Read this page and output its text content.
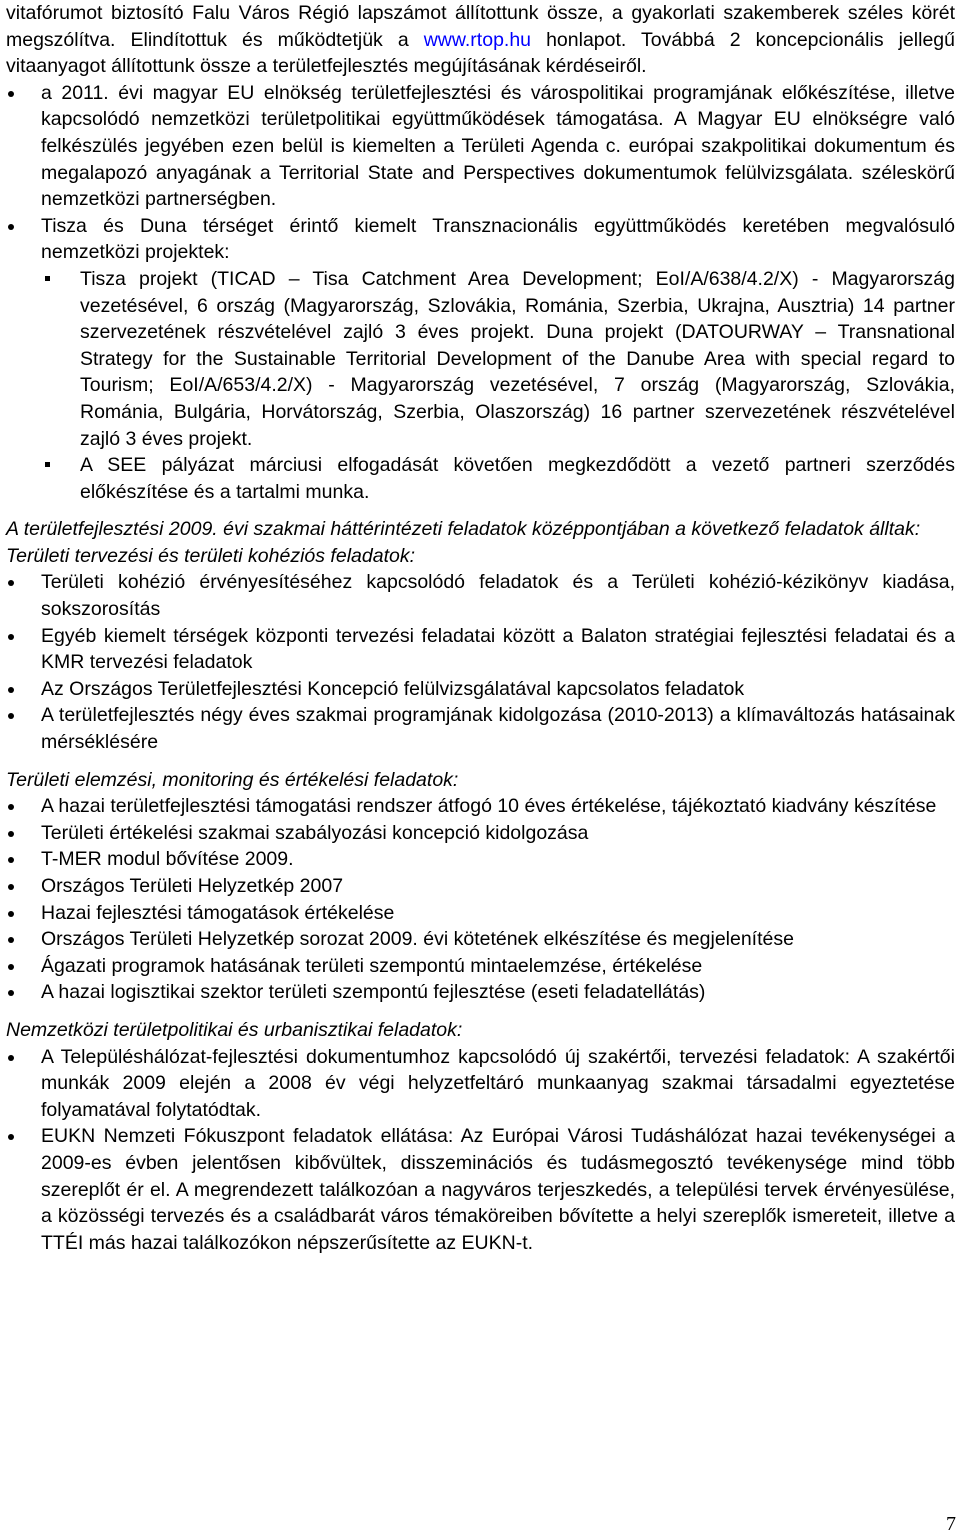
vitafórumot biztosító Falu Város Régió lapszámot állítottunk össze, a gyakorlati szakemberek széles körét megszólítva. Elindítottuk és működtetjük a www.rtop.hu honlapot. Továbbá 2 koncepcionális jellegű vitaanyagot állítottunk össze a területfejlesztés megújításának kérdéseiről.

a 2011. évi magyar EU elnökség területfejlesztési és várospolitikai programjának előkészítése, illetve kapcsolódó nemzetközi területpolitikai együttműködések támogatása. A Magyar EU elnökségre való felkészülés jegyében ezen belül is kiemelten a Területi Agenda c. európai szakpolitikai dokumentum és megalapozó anyagának a Territorial State and Perspectives dokumentumok felülvizsgálata. széleskörű nemzetközi partnerségben.
Tisza és Duna térséget érintő kiemelt Transznacionális együttműködés keretében megvalósuló nemzetközi projektek:
Tisza projekt (TICAD – Tisa Catchment Area Development; EoI/A/638/4.2/X) - Magyarország vezetésével, 6 ország (Magyarország, Szlovákia, Románia, Szerbia, Ukrajna, Ausztria) 14 partner szervezetének részvételével zajló 3 éves projekt. Duna projekt (DATOURWAY – Transnational Strategy for the Sustainable Territorial Development of the Danube Area with special regard to Tourism; EoI/A/653/4.2/X) - Magyarország vezetésével, 7 ország (Magyarország, Szlovákia, Románia, Bulgária, Horvátország, Szerbia, Olaszország) 16 partner szervezetének részvételével zajló 3 éves projekt.
A SEE pályázat márciusi elfogadását követően megkezdődött a vezető partneri szerződés előkészítése és a tartalmi munka.

A területfejlesztési 2009. évi szakmai háttérintézeti feladatok középpontjában a következő feladatok álltak:

Területi tervezési és területi kohéziós feladatok:

Területi kohézió érvényesítéséhez kapcsolódó feladatok és a Területi kohézió-kézikönyv kiadása, sokszorosítás
Egyéb kiemelt térségek központi tervezési feladatai között a Balaton stratégiai fejlesztési feladatai és a KMR tervezési feladatok
Az Országos Területfejlesztési Koncepció felülvizsgálatával kapcsolatos feladatok
A területfejlesztés négy éves szakmai programjának kidolgozása (2010-2013) a klímaváltozás hatásainak mérséklésére

Területi elemzési, monitoring és értékelési feladatok:

A hazai területfejlesztési támogatási rendszer átfogó 10 éves értékelése, tájékoztató kiadvány készítése
Területi értékelési szakmai szabályozási koncepció kidolgozása
T-MER modul bővítése 2009.
Országos Területi Helyzetkép 2007
Hazai fejlesztési támogatások értékelése
Országos Területi Helyzetkép sorozat 2009. évi kötetének elkészítése és megjelenítése
Ágazati programok hatásának területi szempontú mintaelemzése, értékelése
A hazai logisztikai szektor területi szempontú fejlesztése (eseti feladatellátás)

Nemzetközi területpolitikai és urbanisztikai feladatok:

A Településhálózat-fejlesztési dokumentumhoz kapcsolódó új szakértői, tervezési feladatok: A szakértői munkák 2009 elején a 2008 év végi helyzetfeltáró munkaanyag szakmai társadalmi egyeztetése folyamatával folytatódtak.
EUKN Nemzeti Fókuszpont feladatok ellátása: Az Európai Városi Tudáshálózat hazai tevékenységei a 2009-es évben jelentősen kibővültek, disszeminációs és tudásmegosztó tevékenysége mind több szereplőt ér el. A megrendezett találkozóan a nagyváros terjeszkedés, a települési tervek érvényesülése, a közösségi tervezés és a családbarát város témaköreiben bővítette a helyi szereplők ismereteit, illetve a TTÉI más hazai találkozókon népszerűsítette az EUKN-t.
7
